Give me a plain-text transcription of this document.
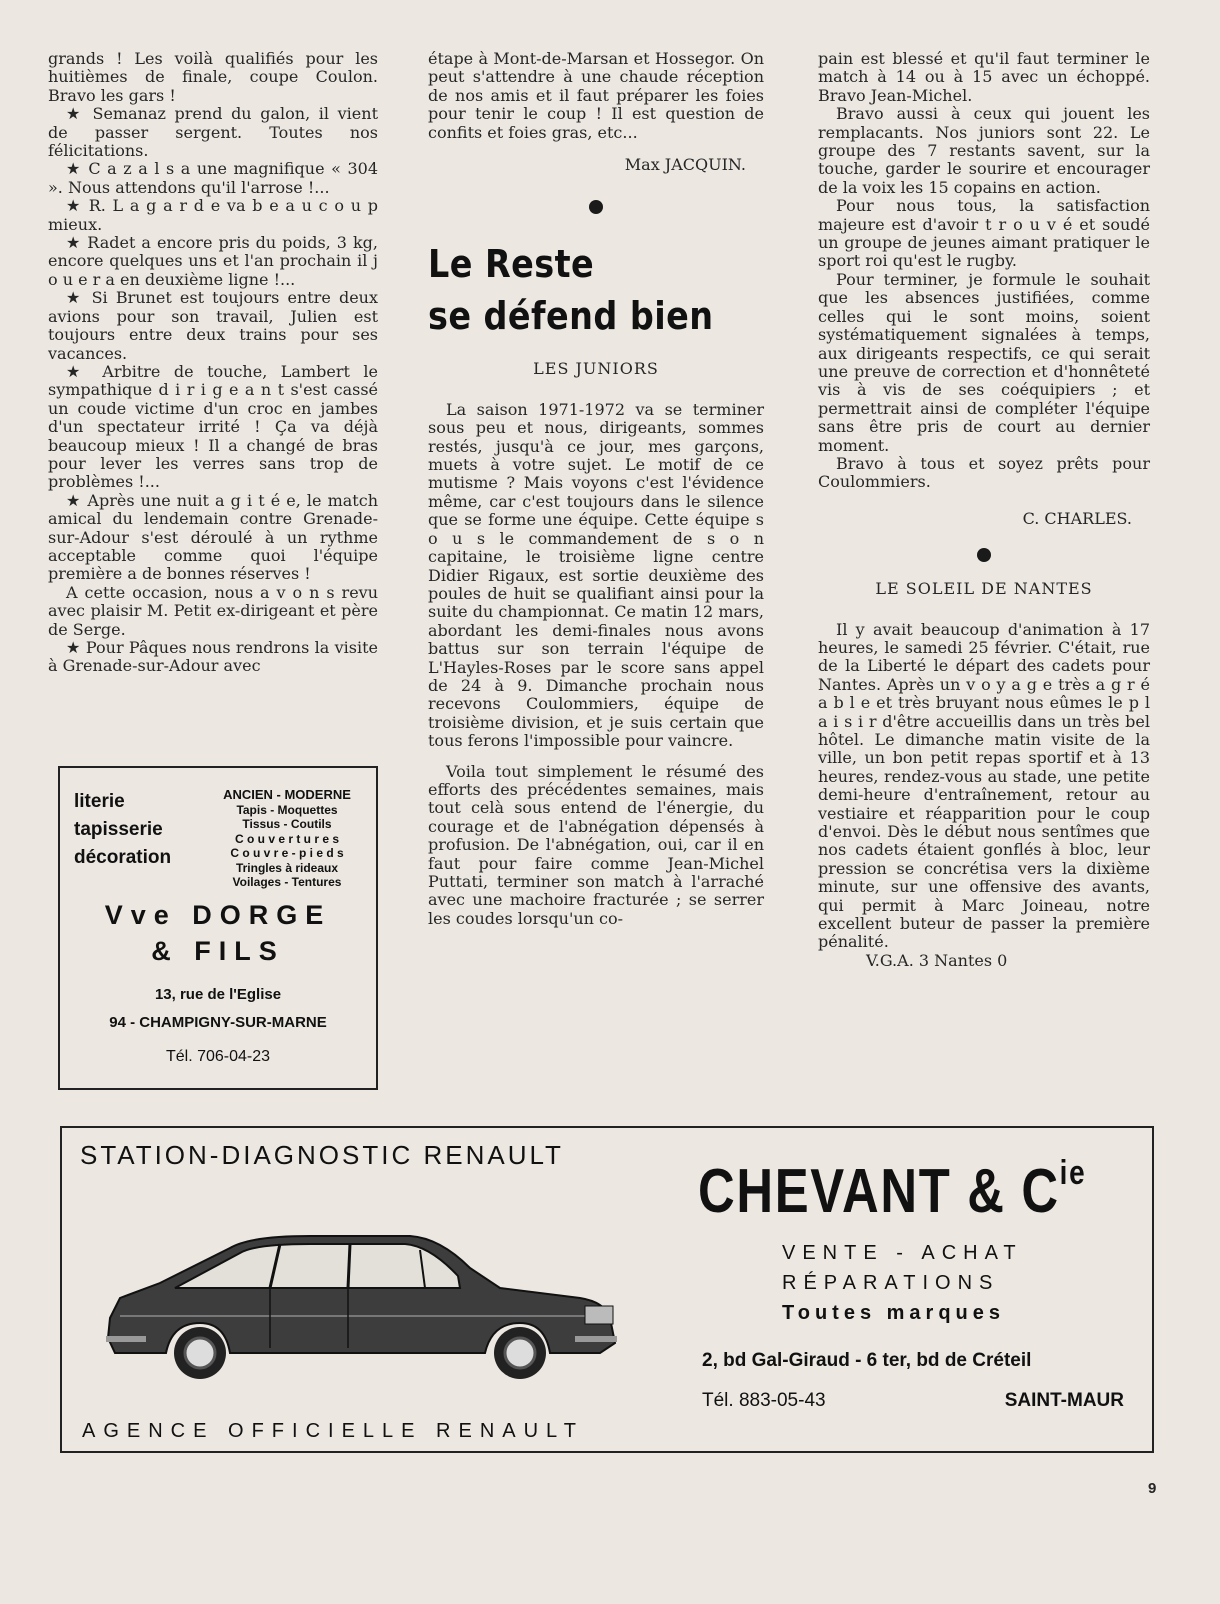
grands ! Les voilà qualifiés pour les huitièmes de finale, coupe Coulon. Bravo les gars !

★ Semanaz prend du galon, il vient de passer sergent. Toutes nos félicitations.

★ C a z a l s a une magnifique « 304 ». Nous attendons qu'il l'arrose !...

★ R. L a g a r d e va b e a u c o u p mieux.

★ Radet a encore pris du poids, 3 kg, encore quelques uns et l'an prochain il j o u e r a en deuxième ligne !...

★ Si Brunet est toujours entre deux avions pour son travail, Julien est toujours entre deux trains pour ses vacances.

★ Arbitre de touche, Lambert le sympathique d i r i g e a n t s'est cassé un coude victime d'un croc en jambes d'un spectateur irrité ! Ça va déjà beaucoup mieux ! Il a changé de bras pour lever les verres sans trop de problèmes !...

★ Après une nuit a g i t é e, le match amical du lendemain contre Grenade-sur-Adour s'est déroulé à un rythme acceptable comme quoi l'équipe première a de bonnes réserves !

A cette occasion, nous a v o n s revu avec plaisir M. Petit ex-dirigeant et père de Serge.

★ Pour Pâques nous rendrons la visite à Grenade-sur-Adour avec

étape à Mont-de-Marsan et Hossegor. On peut s'attendre à une chaude réception de nos amis et il faut préparer les foies pour tenir le coup ! Il est question de confits et foies gras, etc...

Max JACQUIN.

Le Reste
se défend bien
LES JUNIORS

La saison 1971-1972 va se terminer sous peu et nous, dirigeants, sommes restés, jusqu'à ce jour, mes garçons, muets à votre sujet. Le motif de ce mutisme ? Mais voyons c'est l'évidence même, car c'est toujours dans le silence que se forme une équipe. Cette équipe s o u s le commandement de s o n capitaine, le troisième ligne centre Didier Rigaux, est sortie deuxième des poules de huit se qualifiant ainsi pour la suite du championnat. Ce matin 12 mars, abordant les demi-finales nous avons battus sur son terrain l'équipe de L'Hayles-Roses par le score sans appel de 24 à 9. Dimanche prochain nous recevons Coulommiers, équipe de troisième division, et je suis certain que tous ferons l'impossible pour vaincre.

Voila tout simplement le résumé des efforts des précédentes semaines, mais tout celà sous entend de l'énergie, du courage et de l'abnégation dépensés à profusion. De l'abnégation, oui, car il en faut pour faire comme Jean-Michel Puttati, terminer son match à l'arraché avec une machoire fracturée ; se serrer les coudes lorsqu'un co-

pain est blessé et qu'il faut terminer le match à 14 ou à 15 avec un échoppé. Bravo Jean-Michel.

Bravo aussi à ceux qui jouent les remplacants. Nos juniors sont 22. Le groupe des 7 restants savent, sur la touche, garder le sourire et encourager de la voix les 15 copains en action.

Pour nous tous, la satisfaction majeure est d'avoir t r o u v é et soudé un groupe de jeunes aimant pratiquer le sport roi qu'est le rugby.

Pour terminer, je formule le souhait que les absences justifiées, comme celles qui le sont moins, soient systématiquement signalées à temps, aux dirigeants respectifs, ce qui serait une preuve de correction et d'honnêteté vis à vis de ses coéquipiers ; et permettrait ainsi de compléter l'équipe sans être pris de court au dernier moment.

Bravo à tous et soyez prêts pour Coulommiers.

C. CHARLES.

LE SOLEIL DE NANTES

Il y avait beaucoup d'animation à 17 heures, le samedi 25 février. C'était, rue de la Liberté le départ des cadets pour Nantes. Après un v o y a g e très a g r é a b l e et très bruyant nous eûmes le p l a i s i r d'être accueillis dans un très bel hôtel. Le dimanche matin visite de la ville, un bon petit repas sportif et à 13 heures, rendez-vous au stade, une petite demi-heure d'entraînement, retour au vestiaire et réapparition pour le coup d'envoi. Dès le début nous sentîmes que nos cadets étaient gonflés à bloc, leur pression se concrétisa vers la dixième minute, sur une offensive des avants, qui permit à Marc Joineau, notre excellent buteur de passer la première pénalité.

V.G.A. 3 Nantes 0

literie
tapisserie
décoration
ANCIEN - MODERNE
Tapis - Moquettes
Tissus - Coutils
C o u v e r t u r e s
C o u v r e - p i e d s
Tringles à rideaux
Voilages - Tentures
Vve DORGE
& FILS
13, rue de l'Eglise
94 - CHAMPIGNY-SUR-MARNE
Tél. 706-04-23
STATION-DIAGNOSTIC RENAULT
AGENCE OFFICIELLE RENAULT
CHEVANT & $C^{ie}$
VENTE - ACHAT
RÉPARATIONS
Toutes marques
2, bd Gal-Giraud - 6 ter, bd de Créteil
Tél. 883-05-43	SAINT-MAUR
9
